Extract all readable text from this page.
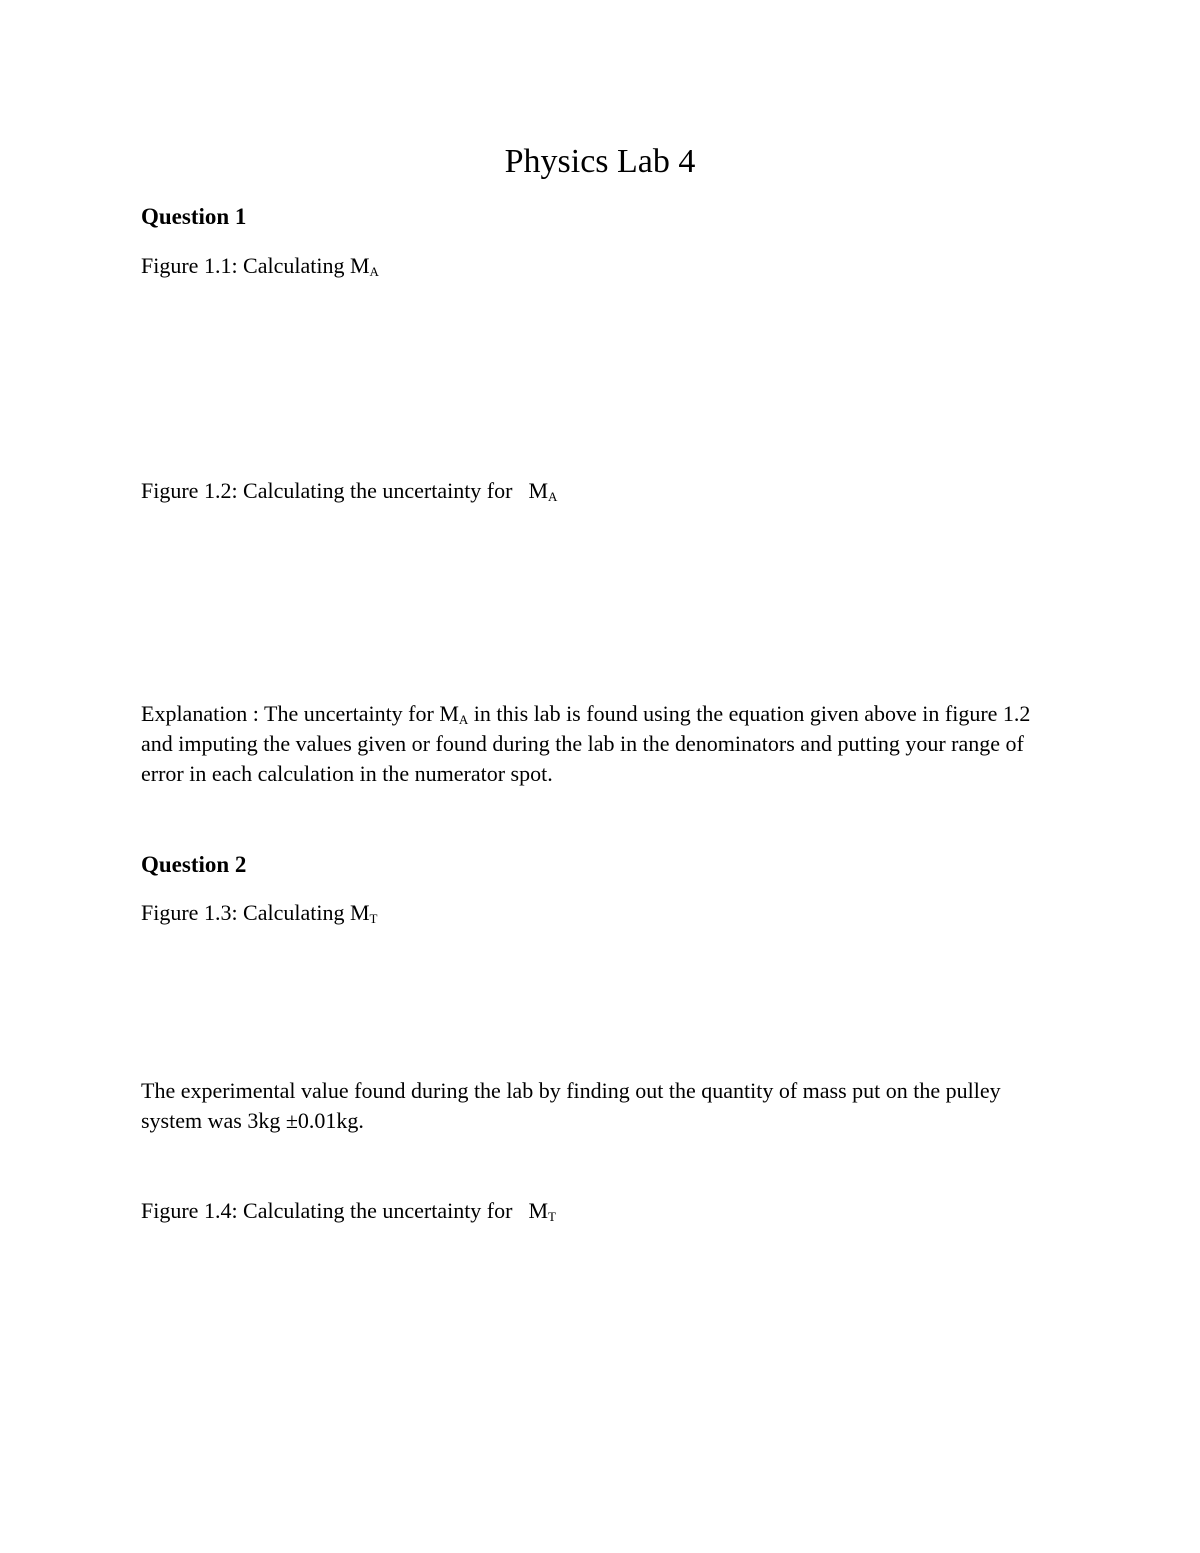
Physics Lab 4

Question 1

Figure 1.1: Calculating $M_A$

Figure 1.2: Calculating the uncertainty for $M_A$

Explanation : The uncertainty for $M_A$ in this lab is found using the equation given above in figure 1.2 and imputing the values given or found during the lab in the denominators and putting your range of error in each calculation in the numerator spot.

Question 2

Figure 1.3: Calculating $M_T$

The experimental value found during the lab by finding out the quantity of mass put on the pulley system was 3kg ±0.01kg.

Figure 1.4: Calculating the uncertainty for $M_T$
